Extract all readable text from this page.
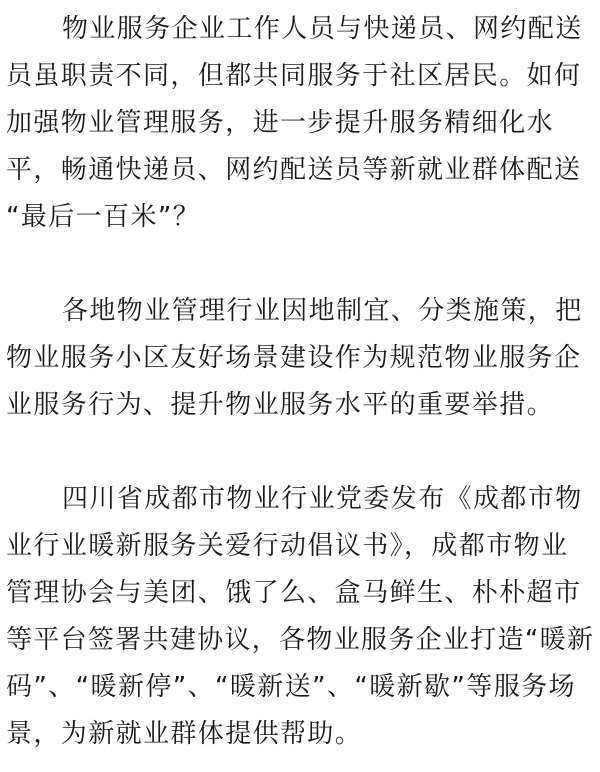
物业服务企业工作人员与快递员、网约配送
员虽职责不同，但都共同服务于社区居民。如何
加强物业管理服务，进一步提升服务精细化水
平，畅通快递员、网约配送员等新就业群体配送
“最后一百米”？
各地物业管理行业因地制宜、分类施策，把
物业服务小区友好场景建设作为规范物业服务企
业服务行为、提升物业服务水平的重要举措。
四川省成都市物业行业党委发布《成都市物
业行业暖新服务关爱行动倡议书》，成都市物业
管理协会与美团、饿了么、盒马鲜生、朴朴超市
等平台签署共建协议，各物业服务企业打造“暖新
码”、“暖新停”、“暖新送”、“暖新歇”等服务场
景，为新就业群体提供帮助。
